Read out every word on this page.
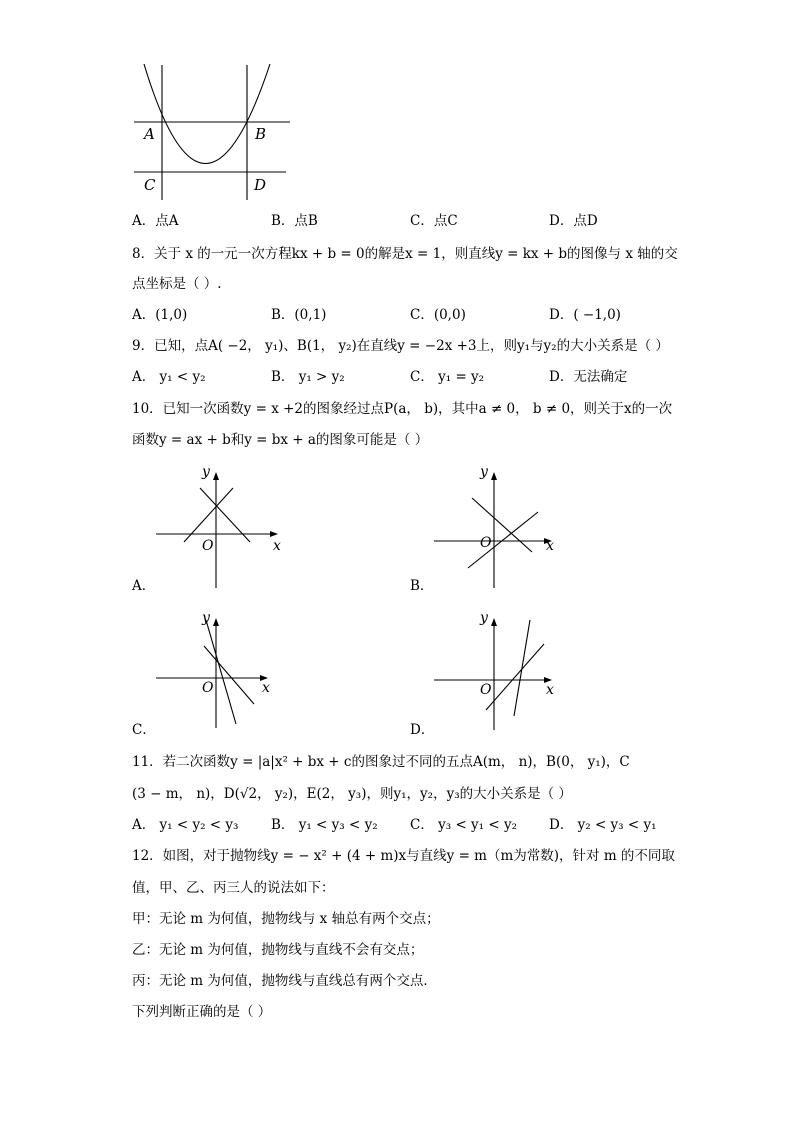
A	B
C	D
A．点A	B．点B	C．点C	D．点D
8．关于 x 的一元一次方程kx + b = 0的解是x = 1，则直线y = kx + b的图像与 x 轴的交
点坐标是（ ）.
A．(1,0)	B．(0,1)	C．(0,0)	D．( −1,0)
9．已知，点A( −2， y₁)、B(1， y₂)在直线y = −2x +3上，则y₁与y₂的大小关系是（ ）
A． y₁ < y₂	B． y₁ > y₂	C． y₁ = y₂	D．无法确定
10．已知一次函数y = x +2的图象经过点P(a， b)，其中a ≠ 0， b ≠ 0，则关于x的一次
函数y = ax + b和y = bx + a的图象可能是（ ）
y
x
O
A．
y
x
O
B．
y
x
O
C．
y
x
O
D．
11．若二次函数y = |a|x² + bx + c的图象过不同的五点A(m， n)，B(0， y₁)，C
(3 − m， n)，D(√2， y₂)，E(2， y₃)，则y₁，y₂，y₃的大小关系是（ ）
A． y₁ < y₂ < y₃ B． y₁ < y₃ < y₂ C． y₃ < y₁ < y₂ D． y₂ < y₃ < y₁
12．如图，对于抛物线y = − x² + (4 + m)x与直线y = m（m为常数)，针对 m 的不同取
值，甲、乙、丙三人的说法如下：
甲：无论 m 为何值，抛物线与 x 轴总有两个交点；
乙：无论 m 为何值，抛物线与直线不会有交点；
丙：无论 m 为何值，抛物线与直线总有两个交点．
下列判断正确的是（ ）
